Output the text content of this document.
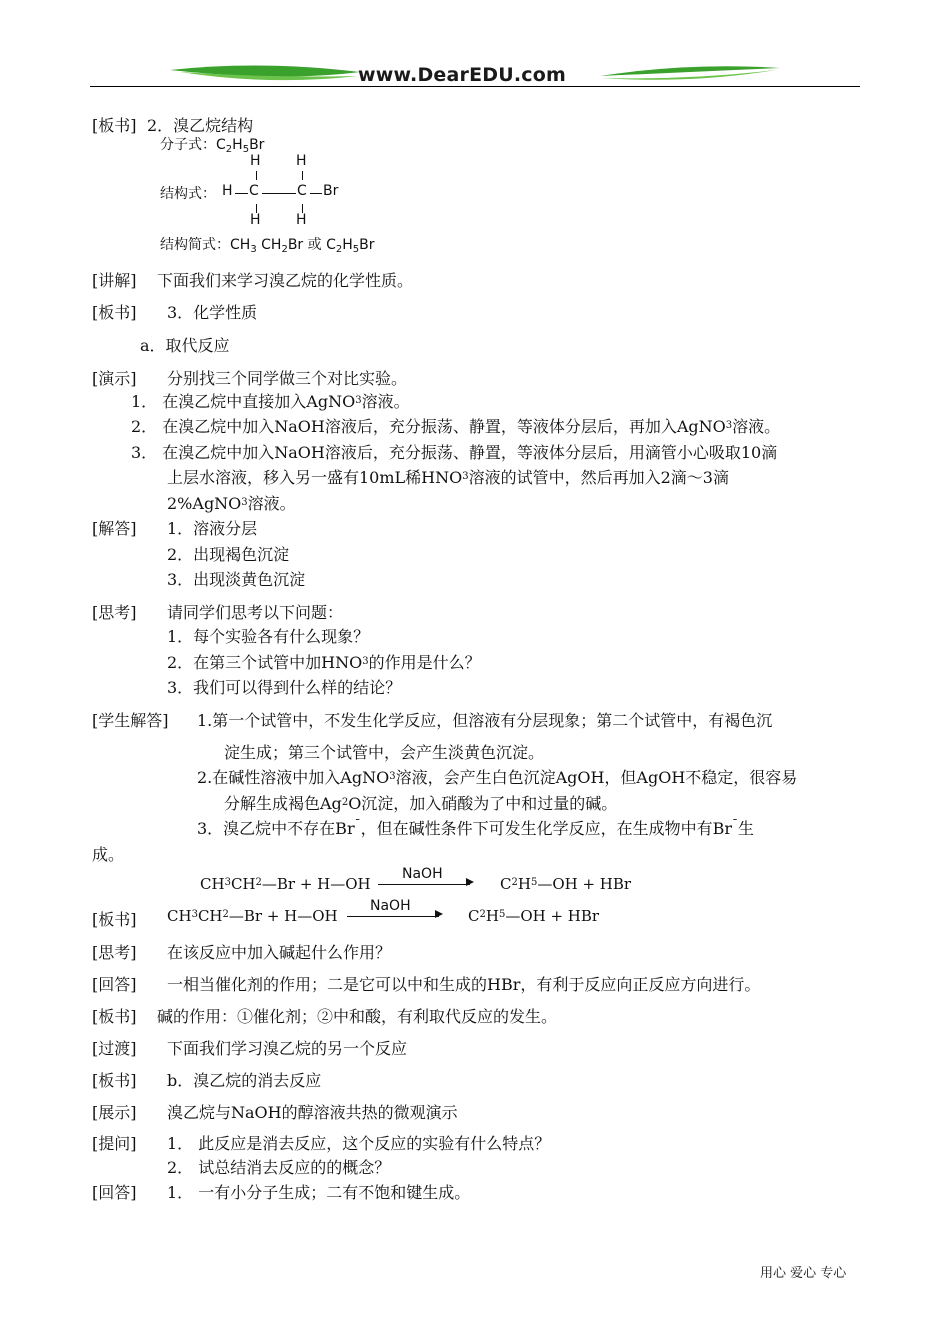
www.DearEDU.com
[板书] 2．溴乙烷结构
分子式：$C_2H_5Br$
H	H
结构式： H C	C Br
H	H
结构简式：$CH_3$ $CH_2Br$ 或 $C_2H_5Br$
[讲解] 下面我们来学习溴乙烷的化学性质。
[板书] 3．化学性质
a．取代反应
[演示] 分别找三个同学做三个对比实验。
1． 在溴乙烷中直接加入AgNO$^3$溶液。
2． 在溴乙烷中加入NaOH溶液后，充分振荡、静置，等液体分层后，再加入AgNO$^3$溶液。
3． 在溴乙烷中加入NaOH溶液后，充分振荡、静置，等液体分层后，用滴管小心吸取10滴
上层水溶液，移入另一盛有10mL稀HNO$^3$溶液的试管中，然后再加入2滴～3滴
2%AgNO$^3$溶液。
[解答] 1．溶液分层
2．出现褐色沉淀
3．出现淡黄色沉淀
[思考] 请同学们思考以下问题：
1．每个实验各有什么现象？
2．在第三个试管中加HNO$^3$的作用是什么？
3．我们可以得到什么样的结论？
[学生解答] 1.第一个试管中，不发生化学反应，但溶液有分层现象；第二个试管中，有褐色沉
淀生成；第三个试管中，会产生淡黄色沉淀。
2.在碱性溶液中加入AgNO$^3$溶液，会产生白色沉淀AgOH，但AgOH不稳定，很容易
分解生成褐色Ag$^2$O沉淀，加入硝酸为了中和过量的碱。
3．溴乙烷中不存在Br¯，但在碱性条件下可发生化学反应，在生成物中有Br¯生
成。
$CH^3CH^2—Br$ + H—OH
NaOH
$C^2H^5—OH$ + HBr
[板书] $CH^3CH^2—Br$ + H—OH
NaOH
$C^2H^5—OH$ + HBr
[思考] 在该反应中加入碱起什么作用？
[回答] 一相当催化剂的作用；二是它可以中和生成的HBr，有利于反应向正反应方向进行。
[板书] 碱的作用：①催化剂；②中和酸，有利取代反应的发生。
[过渡] 下面我们学习溴乙烷的另一个反应
[板书] b．溴乙烷的消去反应
[展示] 溴乙烷与NaOH的醇溶液共热的微观演示
[提问] 1． 此反应是消去反应，这个反应的实验有什么特点？
2． 试总结消去反应的的概念？
[回答] 1． 一有小分子生成；二有不饱和键生成。
用心 爱心 专心
